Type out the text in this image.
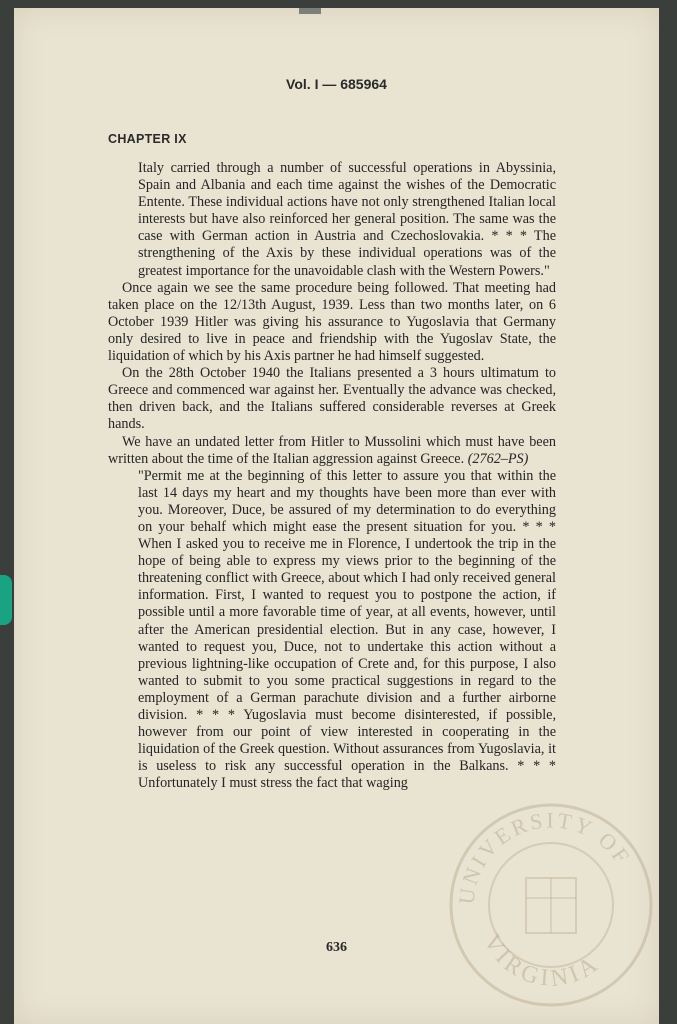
Vol. I — 685964
CHAPTER IX

Italy carried through a number of successful operations in Abyssinia, Spain and Albania and each time against the wishes of the Democratic Entente. These individual actions have not only strengthened Italian local interests but have also reinforced her general position. The same was the case with German action in Austria and Czechoslovakia. * * * The strengthening of the Axis by these individual operations was of the greatest importance for the unavoidable clash with the Western Powers."

Once again we see the same procedure being followed. That meeting had taken place on the 12/13th August, 1939. Less than two months later, on 6 October 1939 Hitler was giving his assurance to Yugoslavia that Germany only desired to live in peace and friendship with the Yugoslav State, the liquidation of which by his Axis partner he had himself suggested.

On the 28th October 1940 the Italians presented a 3 hours ultimatum to Greece and commenced war against her. Eventually the advance was checked, then driven back, and the Italians suffered considerable reverses at Greek hands.

We have an undated letter from Hitler to Mussolini which must have been written about the time of the Italian aggression against Greece. (2762–PS)

"Permit me at the beginning of this letter to assure you that within the last 14 days my heart and my thoughts have been more than ever with you. Moreover, Duce, be assured of my determination to do everything on your behalf which might ease the present situation for you. * * * When I asked you to receive me in Florence, I undertook the trip in the hope of being able to express my views prior to the beginning of the threatening conflict with Greece, about which I had only received general information. First, I wanted to request you to postpone the action, if possible until a more favorable time of year, at all events, however, until after the American presidential election. But in any case, however, I wanted to request you, Duce, not to undertake this action without a previous lightning-like occupation of Crete and, for this purpose, I also wanted to submit to you some practical suggestions in regard to the employment of a German parachute division and a further airborne division. * * * Yugoslavia must become disinterested, if possible, however from our point of view interested in cooperating in the liquidation of the Greek question. Without assurances from Yugoslavia, it is useless to risk any successful operation in the Balkans. * * * Unfortunately I must stress the fact that waging

636
UNIVERSITY OF
VIRGINIA
